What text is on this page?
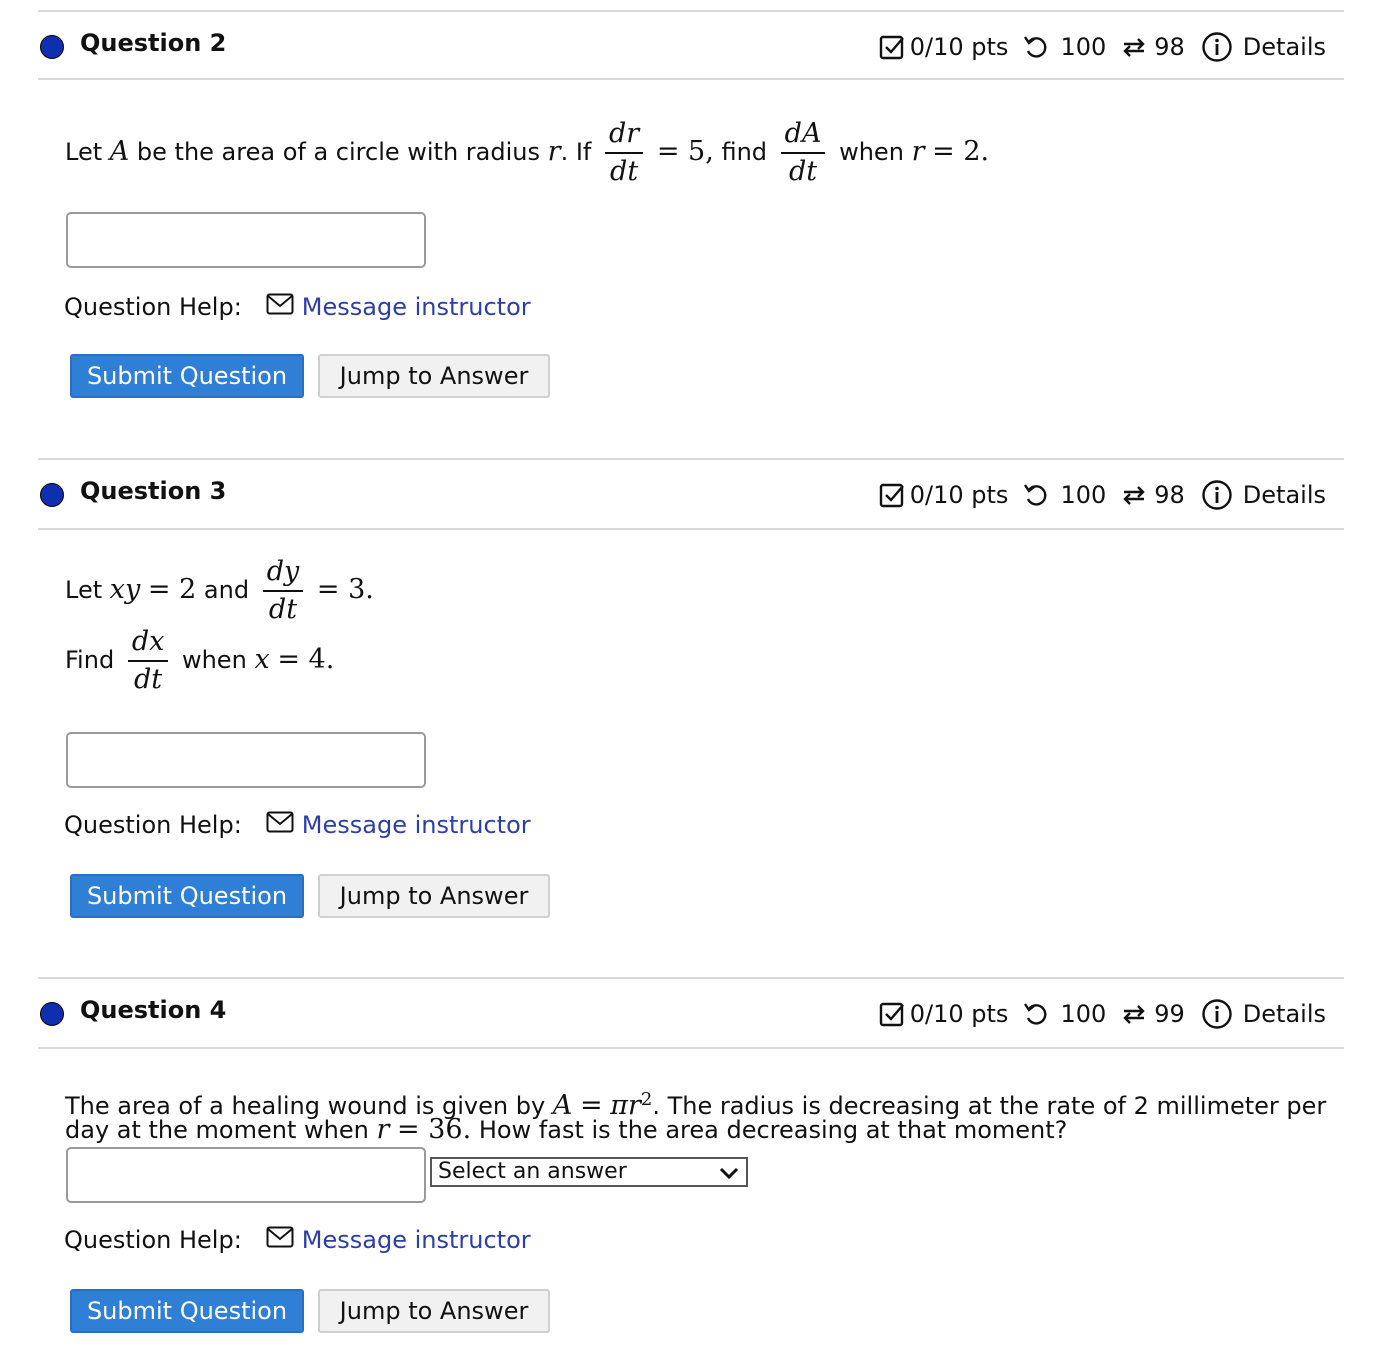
Question 2	0/10 pts 100 98 Details
Let A be the area of a circle with radius r. If $\frac{dr}{dt} = 5$, find $\frac{dA}{dt}$ when r = 2.
Question Help:	Message instructor
Submit Question	Jump to Answer
Question 3	0/10 pts 100 98 Details
Let xy = 2 and $\frac{dy}{dt} = 3$.
Find $\frac{dx}{dt}$ when x = 4.
Question Help:	Message instructor
Submit Question	Jump to Answer
Question 4	0/10 pts 100 99 Details
The area of a healing wound is given by $A = \pi r^2$. The radius is decreasing at the rate of 2 millimeter per
day at the moment when r = 36. How fast is the area decreasing at that moment?
Select an answer
Question Help:	Message instructor
Submit Question	Jump to Answer
